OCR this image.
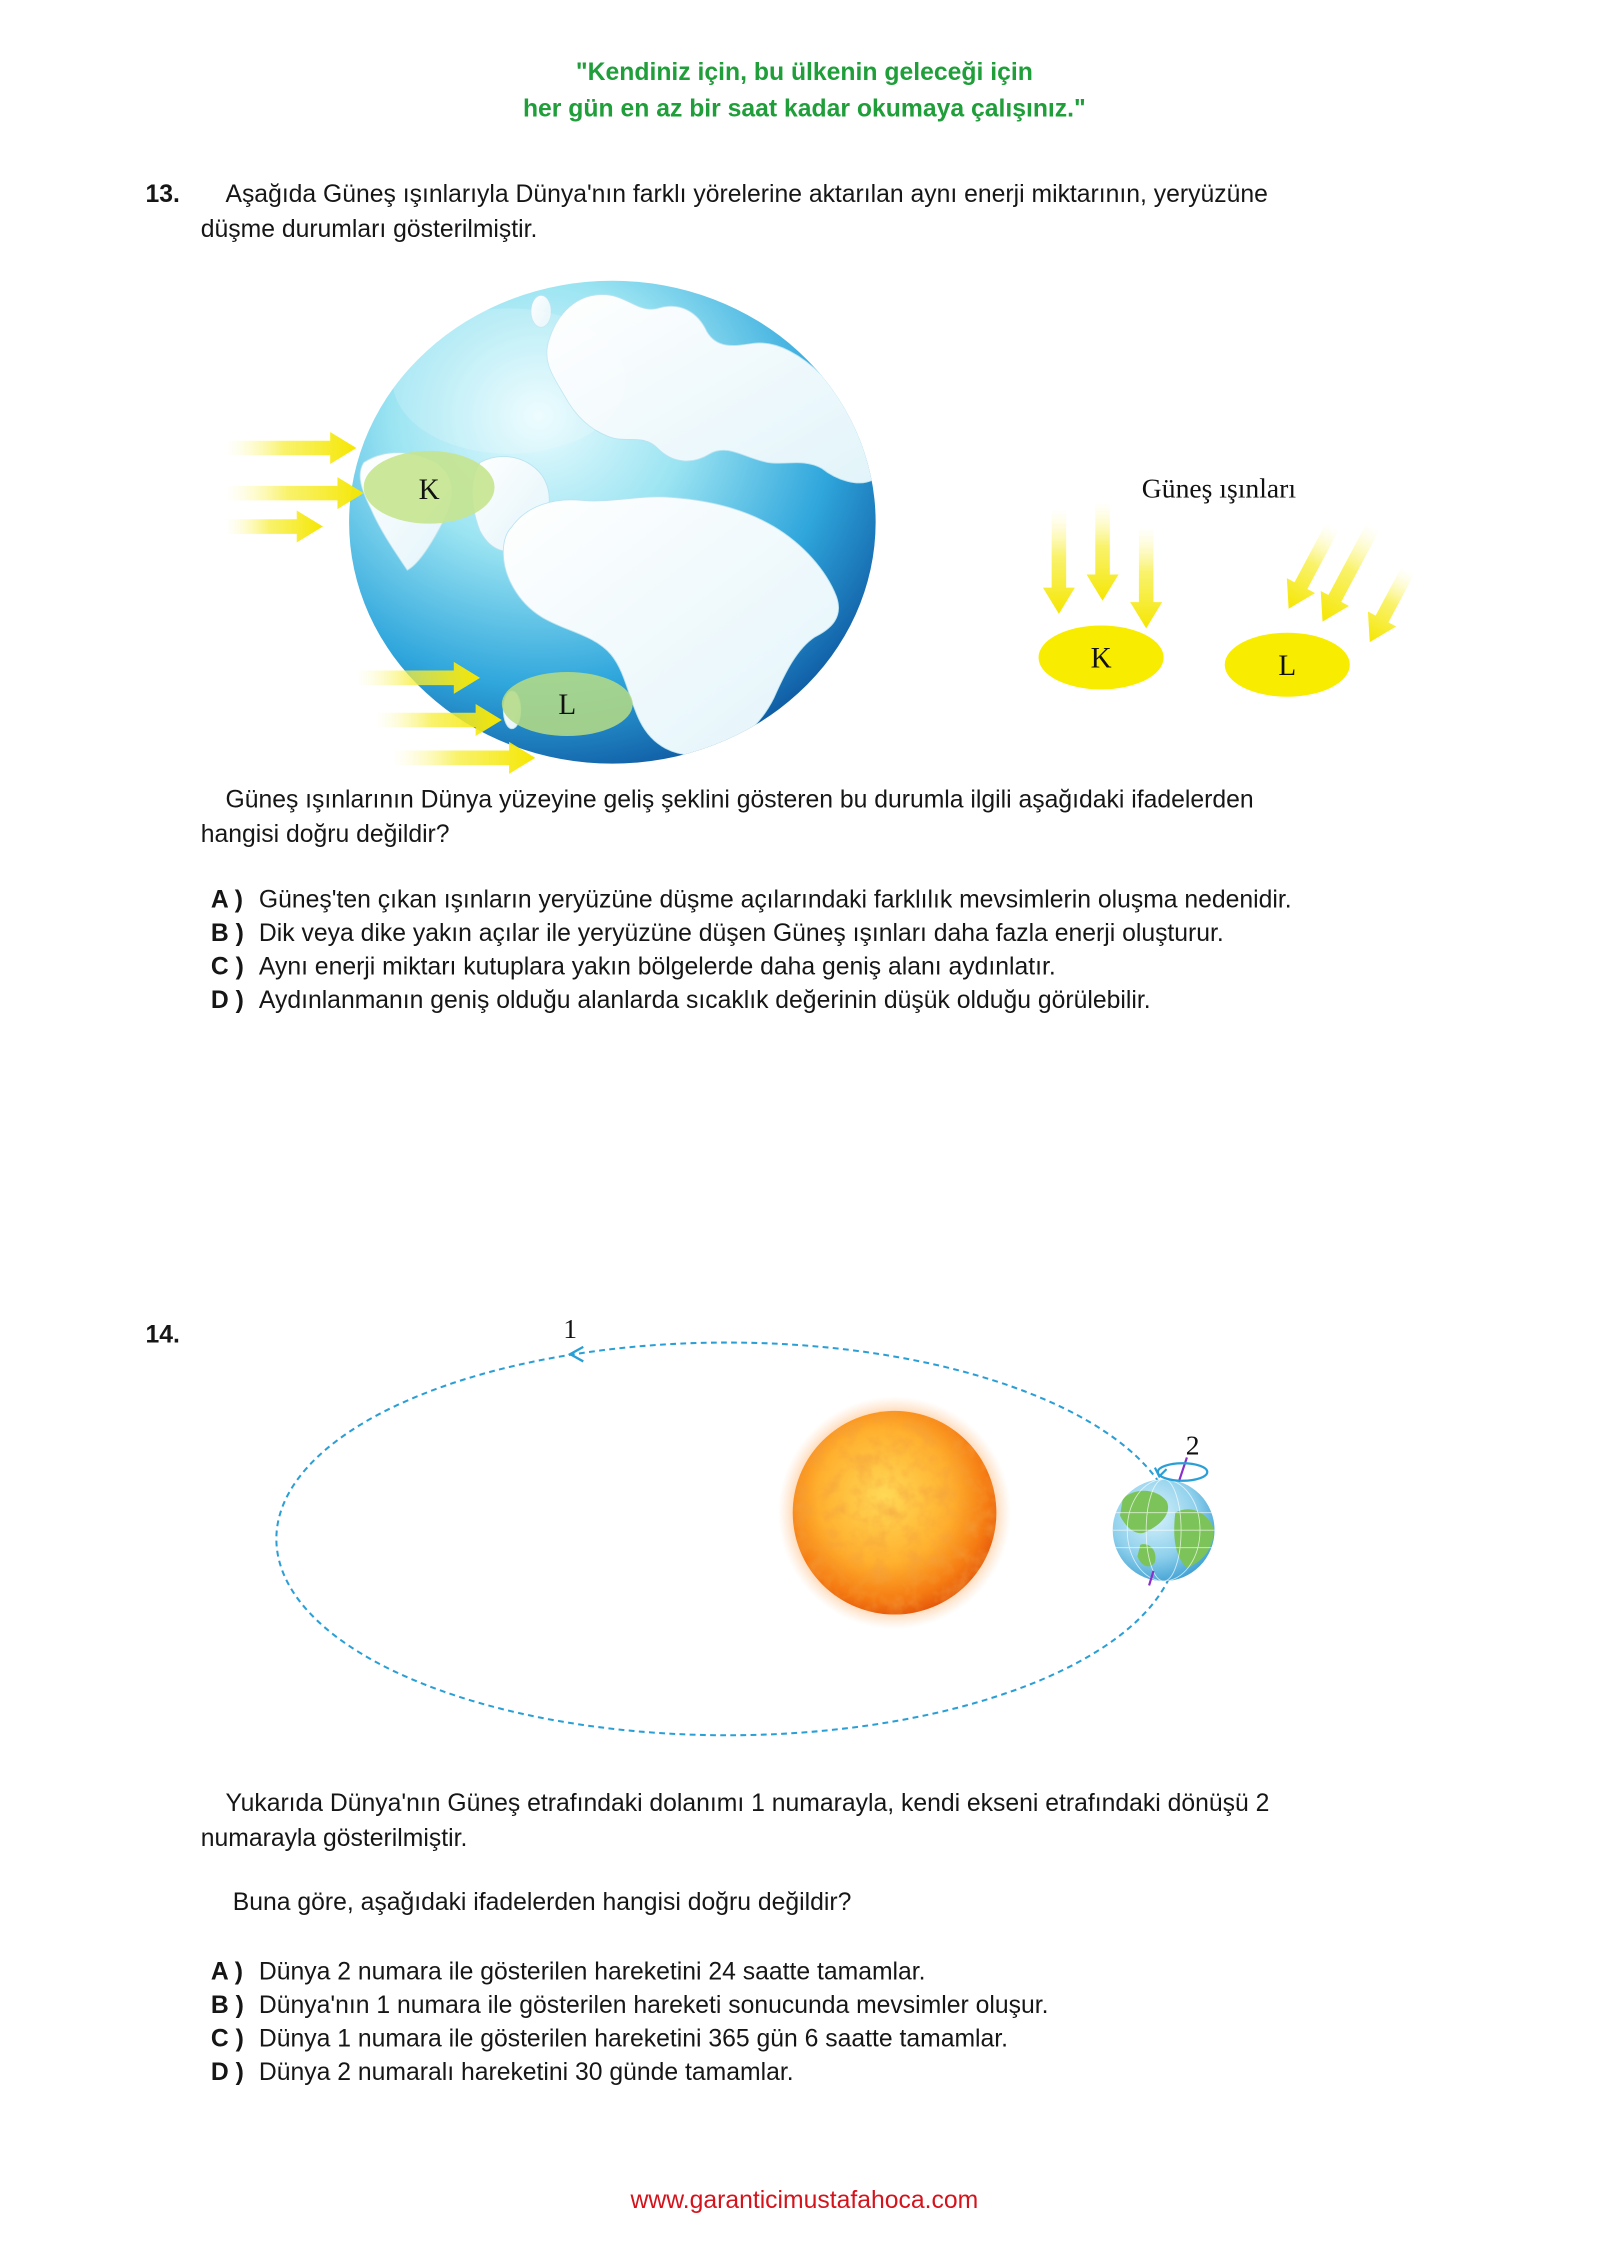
K
L
Güneş ışınları
K	L
1
2
"Kendiniz için, bu ülkenin geleceği için
her gün en az bir saat kadar okumaya çalışınız."
13.	Aşağıda Güneş ışınlarıyla Dünya'nın farklı yörelerine aktarılan aynı enerji miktarının, yeryüzüne
düşme durumları gösterilmiştir.
Güneş ışınlarının Dünya yüzeyine geliş şeklini gösteren bu durumla ilgili aşağıdaki ifadelerden
hangisi doğru değildir?
A ) Güneş'ten çıkan ışınların yeryüzüne düşme açılarındaki farklılık mevsimlerin oluşma nedenidir.
B ) Dik veya dike yakın açılar ile yeryüzüne düşen Güneş ışınları daha fazla enerji oluşturur.
C ) Aynı enerji miktarı kutuplara yakın bölgelerde daha geniş alanı aydınlatır.
D ) Aydınlanmanın geniş olduğu alanlarda sıcaklık değerinin düşük olduğu görülebilir.
14.
Yukarıda Dünya'nın Güneş etrafındaki dolanımı 1 numarayla, kendi ekseni etrafındaki dönüşü 2
numarayla gösterilmiştir.
Buna göre, aşağıdaki ifadelerden hangisi doğru değildir?
A ) Dünya 2 numara ile gösterilen hareketini 24 saatte tamamlar.
B ) Dünya'nın 1 numara ile gösterilen hareketi sonucunda mevsimler oluşur.
C ) Dünya 1 numara ile gösterilen hareketini 365 gün 6 saatte tamamlar.
D ) Dünya 2 numaralı hareketini 30 günde tamamlar.
www.garanticimustafahoca.com
